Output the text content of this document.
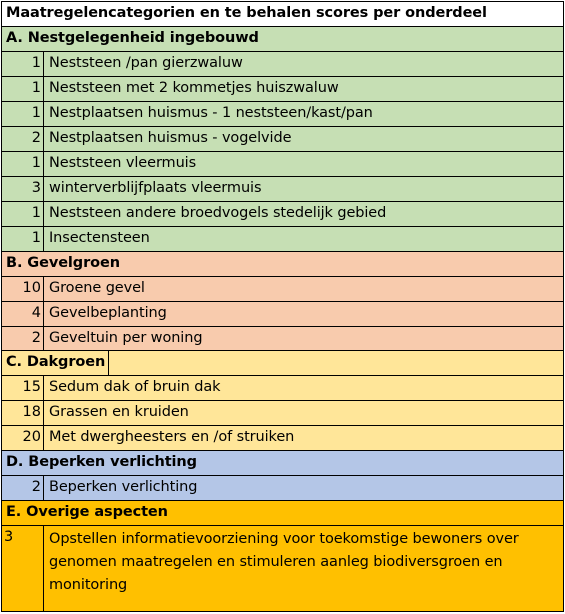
Maatregelencategorien en te behalen scores per onderdeel
A. Nestgelegenheid ingebouwd
1 Neststeen /pan gierzwaluw
1 Neststeen met 2 kommetjes huiszwaluw
1 Nestplaatsen huismus - 1 neststeen/kast/pan
2 Nestplaatsen huismus - vogelvide
1 Neststeen vleermuis
3 winterverblijfplaats vleermuis
1 Neststeen andere broedvogels stedelijk gebied
1 Insectensteen
B. Gevelgroen
10 Groene gevel
4 Gevelbeplanting
2 Geveltuin per woning
C. Dakgroen
15 Sedum dak of bruin dak
18 Grassen en kruiden
20 Met dwergheesters en /of struiken
D. Beperken verlichting
2 Beperken verlichting
E. Overige aspecten
3	Opstellen informatievoorziening voor toekomstige bewoners over genomen maatregelen en stimuleren aanleg biodiversgroen en monitoring
